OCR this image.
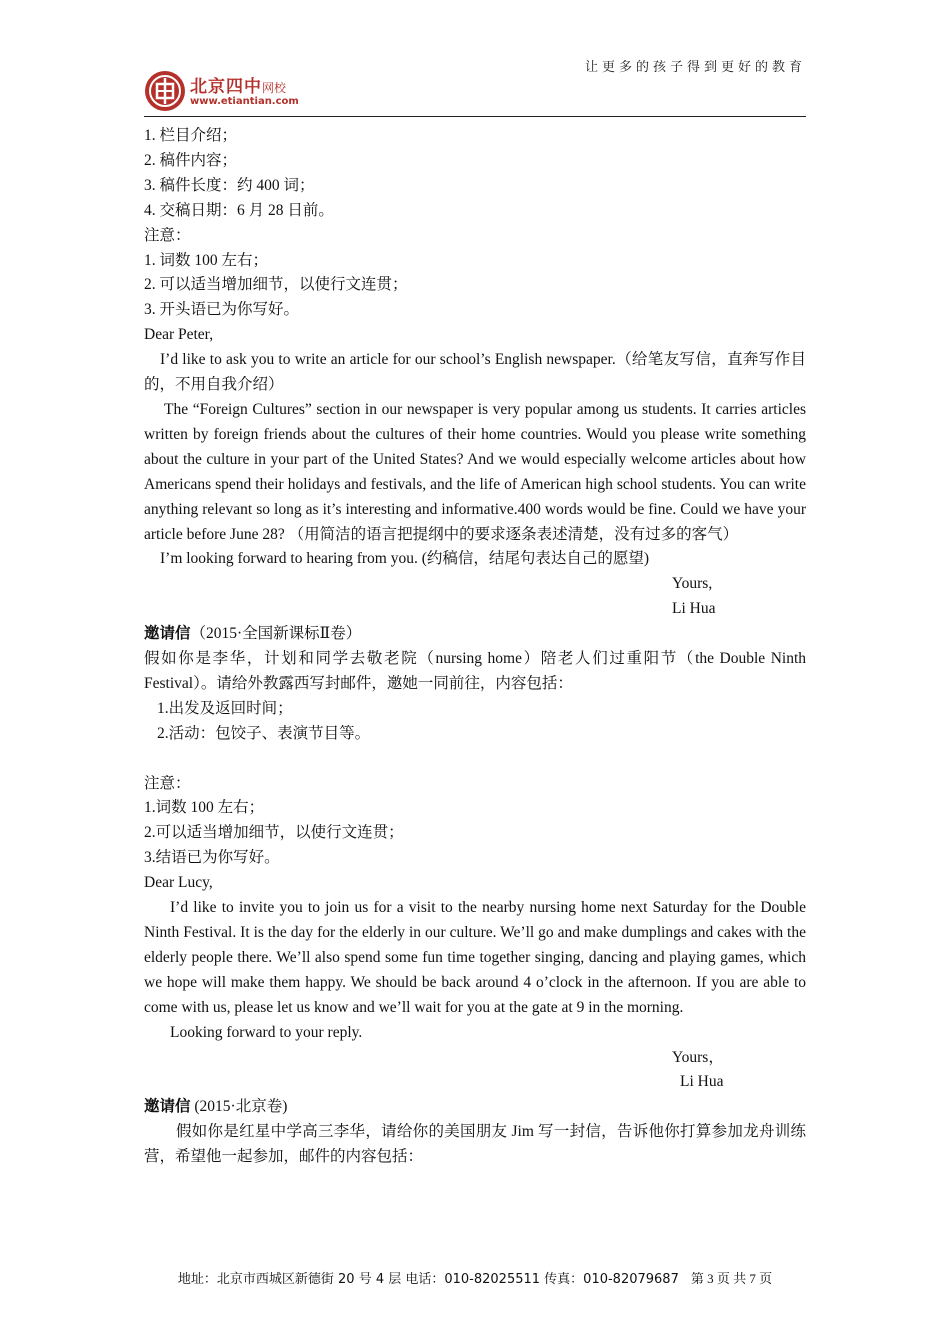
北京四中网校
www.etiantian.com
让更多的孩子得到更好的教育

1. 栏目介绍；

2. 稿件内容；

3. 稿件长度：约 400 词；

4. 交稿日期：6 月 28 日前。

注意：

1. 词数 100 左右；

2. 可以适当增加细节，以使行文连贯；

3. 开头语已为你写好。

Dear Peter,

I’d like to ask you to write an article for our school’s English newspaper.（给笔友写信，直奔写作目的，不用自我介绍）

The “Foreign Cultures” section in our newspaper is very popular among us students. It carries articles written by foreign friends about the cultures of their home countries. Would you please write something about the culture in your part of the United States? And we would especially welcome articles about how Americans spend their holidays and festivals, and the life of American high school students. You can write anything relevant so long as it’s interesting and informative.400 words would be fine. Could we have your article before June 28? （用简洁的语言把提纲中的要求逐条表述清楚，没有过多的客气）

I’m looking forward to hearing from you. (约稿信，结尾句表达自己的愿望)

Yours,

Li Hua

邀请信（2015·全国新课标Ⅱ卷）

假如你是李华，计划和同学去敬老院（nursing home）陪老人们过重阳节（the Double Ninth Festival）。请给外教露西写封邮件，邀她一同前往，内容包括：

1.出发及返回时间；

2.活动：包饺子、表演节目等。

注意：

1.词数 100 左右；

2.可以适当增加细节，以使行文连贯；

3.结语已为你写好。

Dear Lucy,

I’d like to invite you to join us for a visit to the nearby nursing home next Saturday for the Double Ninth Festival. It is the day for the elderly in our culture. We’ll go and make dumplings and cakes with the elderly people there. We’ll also spend some fun time together singing, dancing and playing games, which we hope will make them happy. We should be back around 4 o’clock in the afternoon. If you are able to come with us, please let us know and we’ll wait for you at the gate at 9 in the morning.

Looking forward to your reply.

Yours，

Li Hua

邀请信 (2015·北京卷)

假如你是红星中学高三李华，请给你的美国朋友 Jim 写一封信，告诉他你打算参加龙舟训练营，希望他一起参加，邮件的内容包括：

地址：北京市西城区新德街 20 号 4 层 电话：010-82025511 传真：010-82079687 第 3 页 共 7 页
